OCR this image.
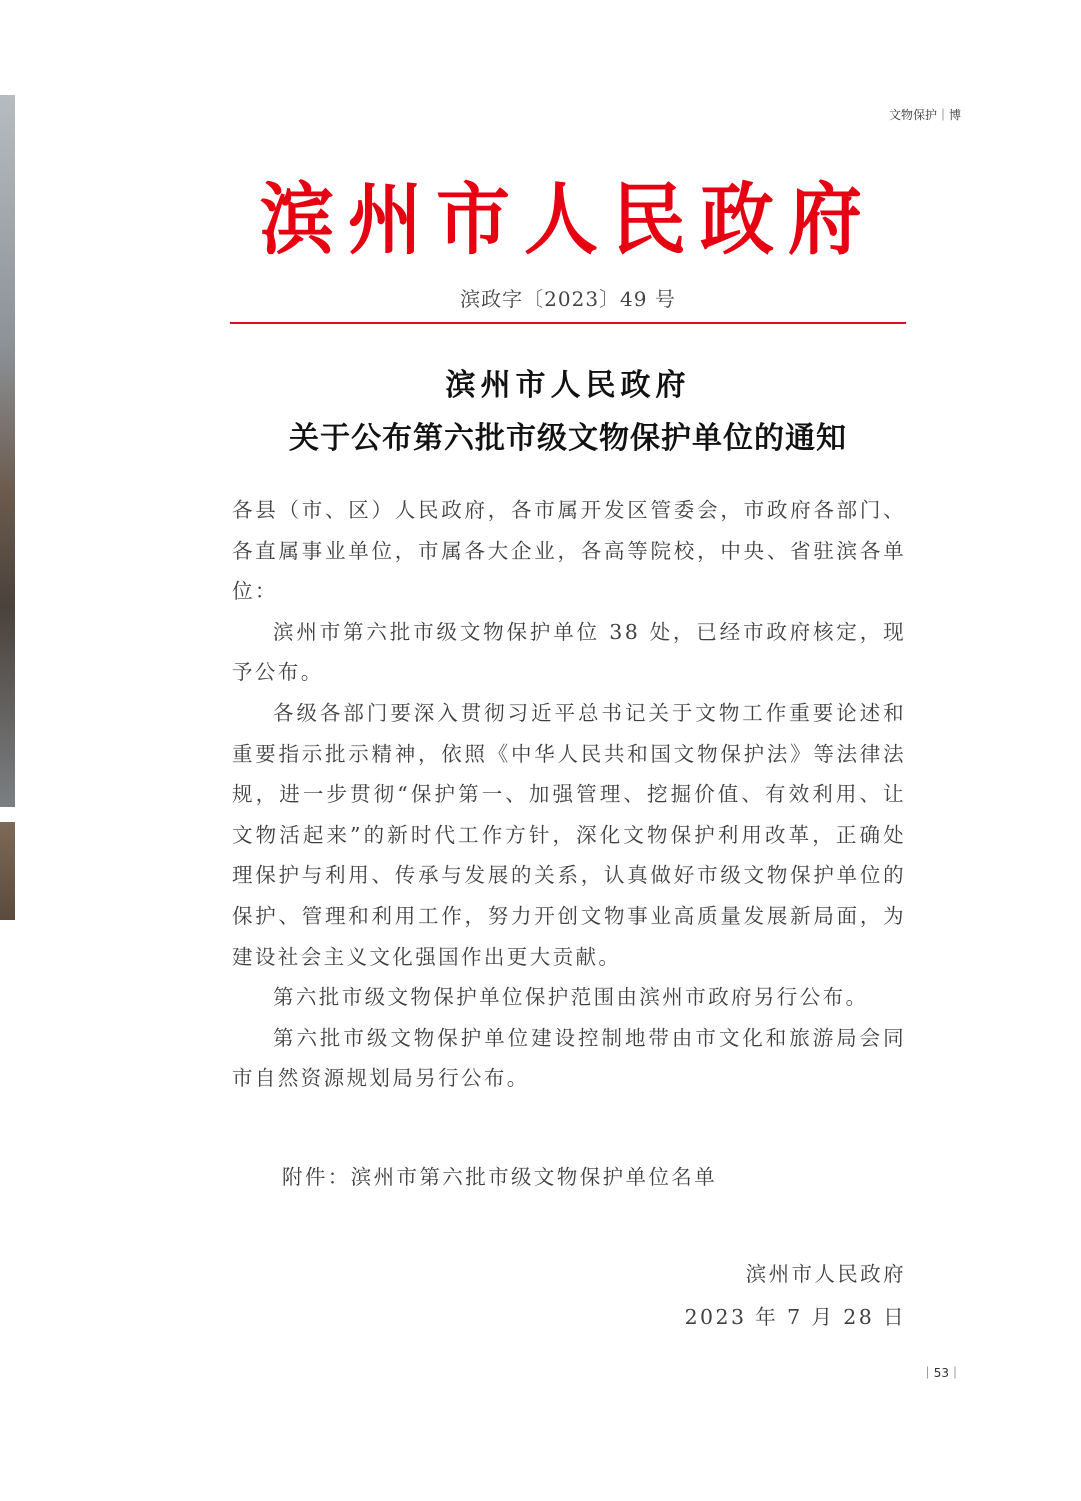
文物保护｜博
滨州市人民政府
滨政字〔2023〕49 号
滨州市人民政府
关于公布第六批市级文物保护单位的通知

各县（市、区）人民政府，各市属开发区管委会，市政府各部门、各直属事业单位，市属各大企业，各高等院校，中央、省驻滨各单位：

滨州市第六批市级文物保护单位 38 处，已经市政府核定，现予公布。

各级各部门要深入贯彻习近平总书记关于文物工作重要论述和重要指示批示精神，依照《中华人民共和国文物保护法》等法律法规，进一步贯彻“保护第一、加强管理、挖掘价值、有效利用、让文物活起来”的新时代工作方针，深化文物保护利用改革，正确处理保护与利用、传承与发展的关系，认真做好市级文物保护单位的保护、管理和利用工作，努力开创文物事业高质量发展新局面，为建设社会主义文化强国作出更大贡献。

第六批市级文物保护单位保护范围由滨州市政府另行公布。

第六批市级文物保护单位建设控制地带由市文化和旅游局会同市自然资源规划局另行公布。

附件：滨州市第六批市级文物保护单位名单
滨州市人民政府
2023 年 7 月 28 日
｜53｜
